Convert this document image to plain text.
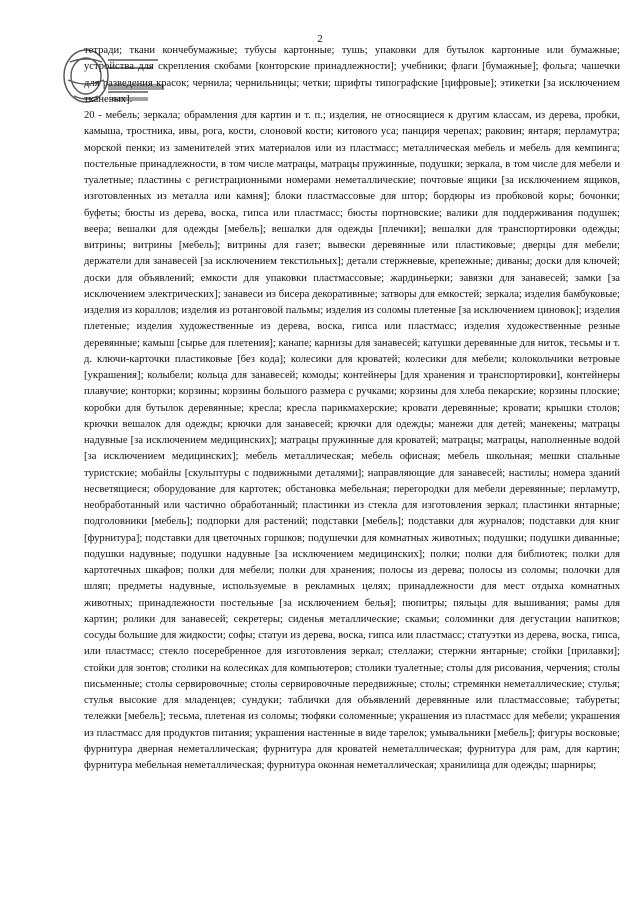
2

тетради; ткани кончебумажные; тубусы картонные; тушь; упаковки для бутылок картонные или бумажные; устройства для скрепления скобами [конторские принадлежности]; учебники; флаги [бумажные]; фольга; чашечки для разведения красок; чернила; чернильницы; четки; шрифты типографские [цифровые]; этикетки [за исключением тканевых].

20 - мебель; зеркала; обрамления для картин и т. п.; изделия, не относящиеся к другим классам, из дерева, пробки, камыша, тростника, ивы, рога, кости, слоновой кости; китового уса; панциря черепах; раковин; янтаря; перламутра; морской пенки; из заменителей этих материалов или из пластмасс; металлическая мебель и мебель для кемпинга; постельные принадлежности, в том числе матрацы, матрацы пружинные, подушки; зеркала, в том числе для мебели и туалетные; пластины с регистрационными номерами неметаллические; почтовые ящики [за исключением ящиков, изготовленных из металла или камня]; блоки пластмассовые для штор; бордюры из пробковой коры; бочонки; буфеты; бюсты из дерева, воска, гипса или пластмасс; бюсты портновские; валики для поддерживания подушек; веера; вешалки для одежды [мебель]; вешалки для одежды [плечики]; вешалки для транспортировки одежды; витрины; витрины [мебель]; витрины для газет; вывески деревянные или пластиковые; дверцы для мебели; держатели для занавесей [за исключением текстильных]; детали стержневые, крепежные; диваны; доски для ключей; доски для объявлений; емкости для упаковки пластмассовые; жардиньерки; завязки для занавесей; замки [за исключением электрических]; занавеси из бисера декоративные; затворы для емкостей; зеркала; изделия бамбуковые; изделия из кораллов; изделия из ротанговой пальмы; изделия из соломы плетеные [за исключением циновок]; изделия плетеные; изделия художественные из дерева, воска, гипса или пластмасс; изделия художественные резные деревянные; камыш [сырье для плетения]; канапе; карнизы для занавесей; катушки деревянные для ниток, тесьмы и т. д. ключи-карточки пластиковые [без кода]; колесики для кроватей; колесики для мебели; колокольчики ветровые [украшения]; колыбели; кольца для занавесей; комоды; контейнеры [для хранения и транспортировки], контейнеры плавучие; конторки; корзины; корзины большого размера с ручками; корзины для хлеба пекарские; корзины плоские; коробки для бутылок деревянные; кресла; кресла парикмахерские; кровати деревянные; кровати; крышки столов; крючки вешалок для одежды; крючки для занавесей; крючки для одежды; манежи для детей; манекены; матрацы надувные [за исключением медицинских]; матрацы пружинные для кроватей; матрацы; матрацы, наполненные водой [за исключением медицинских]; мебель металлическая; мебель офисная; мебель школьная; мешки спальные туристские; мобайлы [скульптуры с подвижными деталями]; направляющие для занавесей; настилы; номера зданий несветящиеся; оборудование для картотек; обстановка мебельная; перегородки для мебели деревянные; перламутр, необработанный или частично обработанный; пластинки из стекла для изготовления зеркал; пластинки янтарные; подголовники [мебель]; подпорки для растений; подставки [мебель]; подставки для журналов; подставки для книг [фурнитура]; подставки для цветочных горшков; подушечки для комнатных животных; подушки; подушки диванные; подушки надувные; подушки надувные [за исключением медицинских]; полки; полки для библиотек; полки для картотечных шкафов; полки для мебели; полки для хранения; полосы из дерева; полосы из соломы; полочки для шляп; предметы надувные, используемые в рекламных целях; принадлежности для мест отдыха комнатных животных; принадлежности постельные [за исключением белья]; пюпитры; пяльцы для вышивания; рамы для картин; ролики для занавесей; секретеры; сиденья металлические; скамьи; соломинки для дегустации напитков; сосуды большие для жидкости; софы; статуи из дерева, воска, гипса или пластмасс; статуэтки из дерева, воска, гипса, или пластмасс; стекло посеребренное для изготовления зеркал; стеллажи; стержни янтарные; стойки [прилавки]; стойки для зонтов; столики на колесиках для компьютеров; столики туалетные; столы для рисования, черчения; столы письменные; столы сервировочные; столы сервировочные передвижные; столы; стремянки неметаллические; стулья; стулья высокие для младенцев; сундуки; таблички для объявлений деревянные или пластмассовые; табуреты; тележки [мебель]; тесьма, плетеная из соломы; тюфяки соломенные; украшения из пластмасс для мебели; украшения из пластмасс для продуктов питания; украшения настенные в виде тарелок; умывальники [мебель]; фигуры восковые; фурнитура дверная неметаллическая; фурнитура для кроватей неметаллическая; фурнитура для рам, для картин; фурнитура мебельная неметаллическая; фурнитура оконная неметаллическая; хранилища для одежды; шарниры;
